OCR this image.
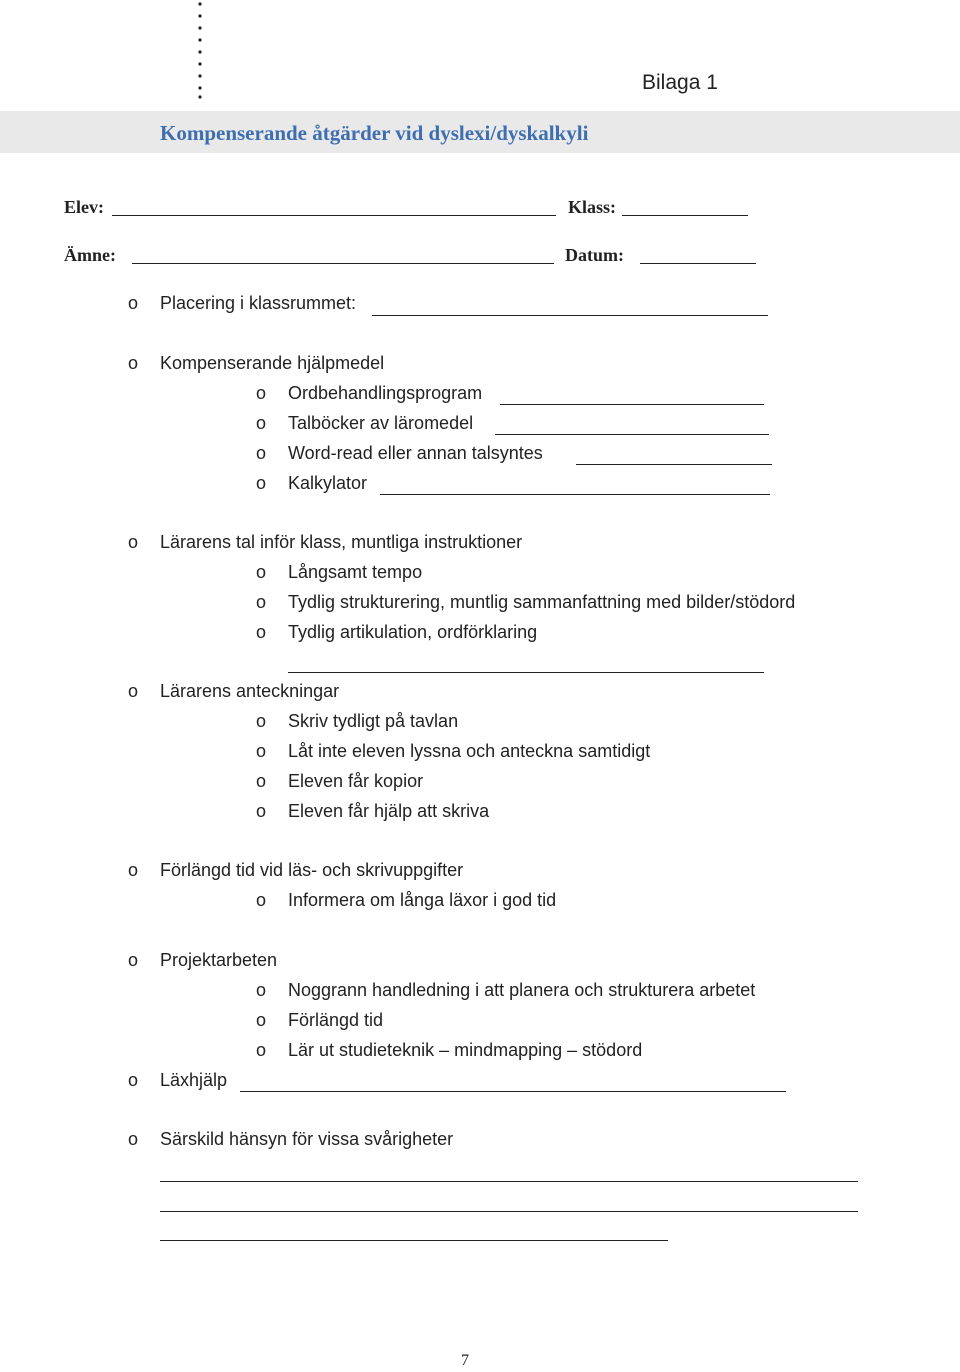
Bilaga 1
Kompenserande åtgärder vid dyslexi/dyskalkyli
Elev:	Klass:
Ämne:	Datum:
o Placering i klassrummet:
o Kompenserande hjälpmedel
o Ordbehandlingsprogram
o Talböcker av läromedel
o Word-read eller annan talsyntes
o Kalkylator
o Lärarens tal inför klass, muntliga instruktioner
o Långsamt tempo
o Tydlig strukturering, muntlig sammanfattning med bilder/stödord
o Tydlig artikulation, ordförklaring
o Lärarens anteckningar
o Skriv tydligt på tavlan
o Låt inte eleven lyssna och anteckna samtidigt
o Eleven får kopior
o Eleven får hjälp att skriva
o Förlängd tid vid läs- och skrivuppgifter
o Informera om långa läxor i god tid
o Projektarbeten
o Noggrann handledning i att planera och strukturera arbetet
o Förlängd tid
o Lär ut studieteknik – mindmapping – stödord
o Läxhjälp
o Särskild hänsyn för vissa svårigheter
7
